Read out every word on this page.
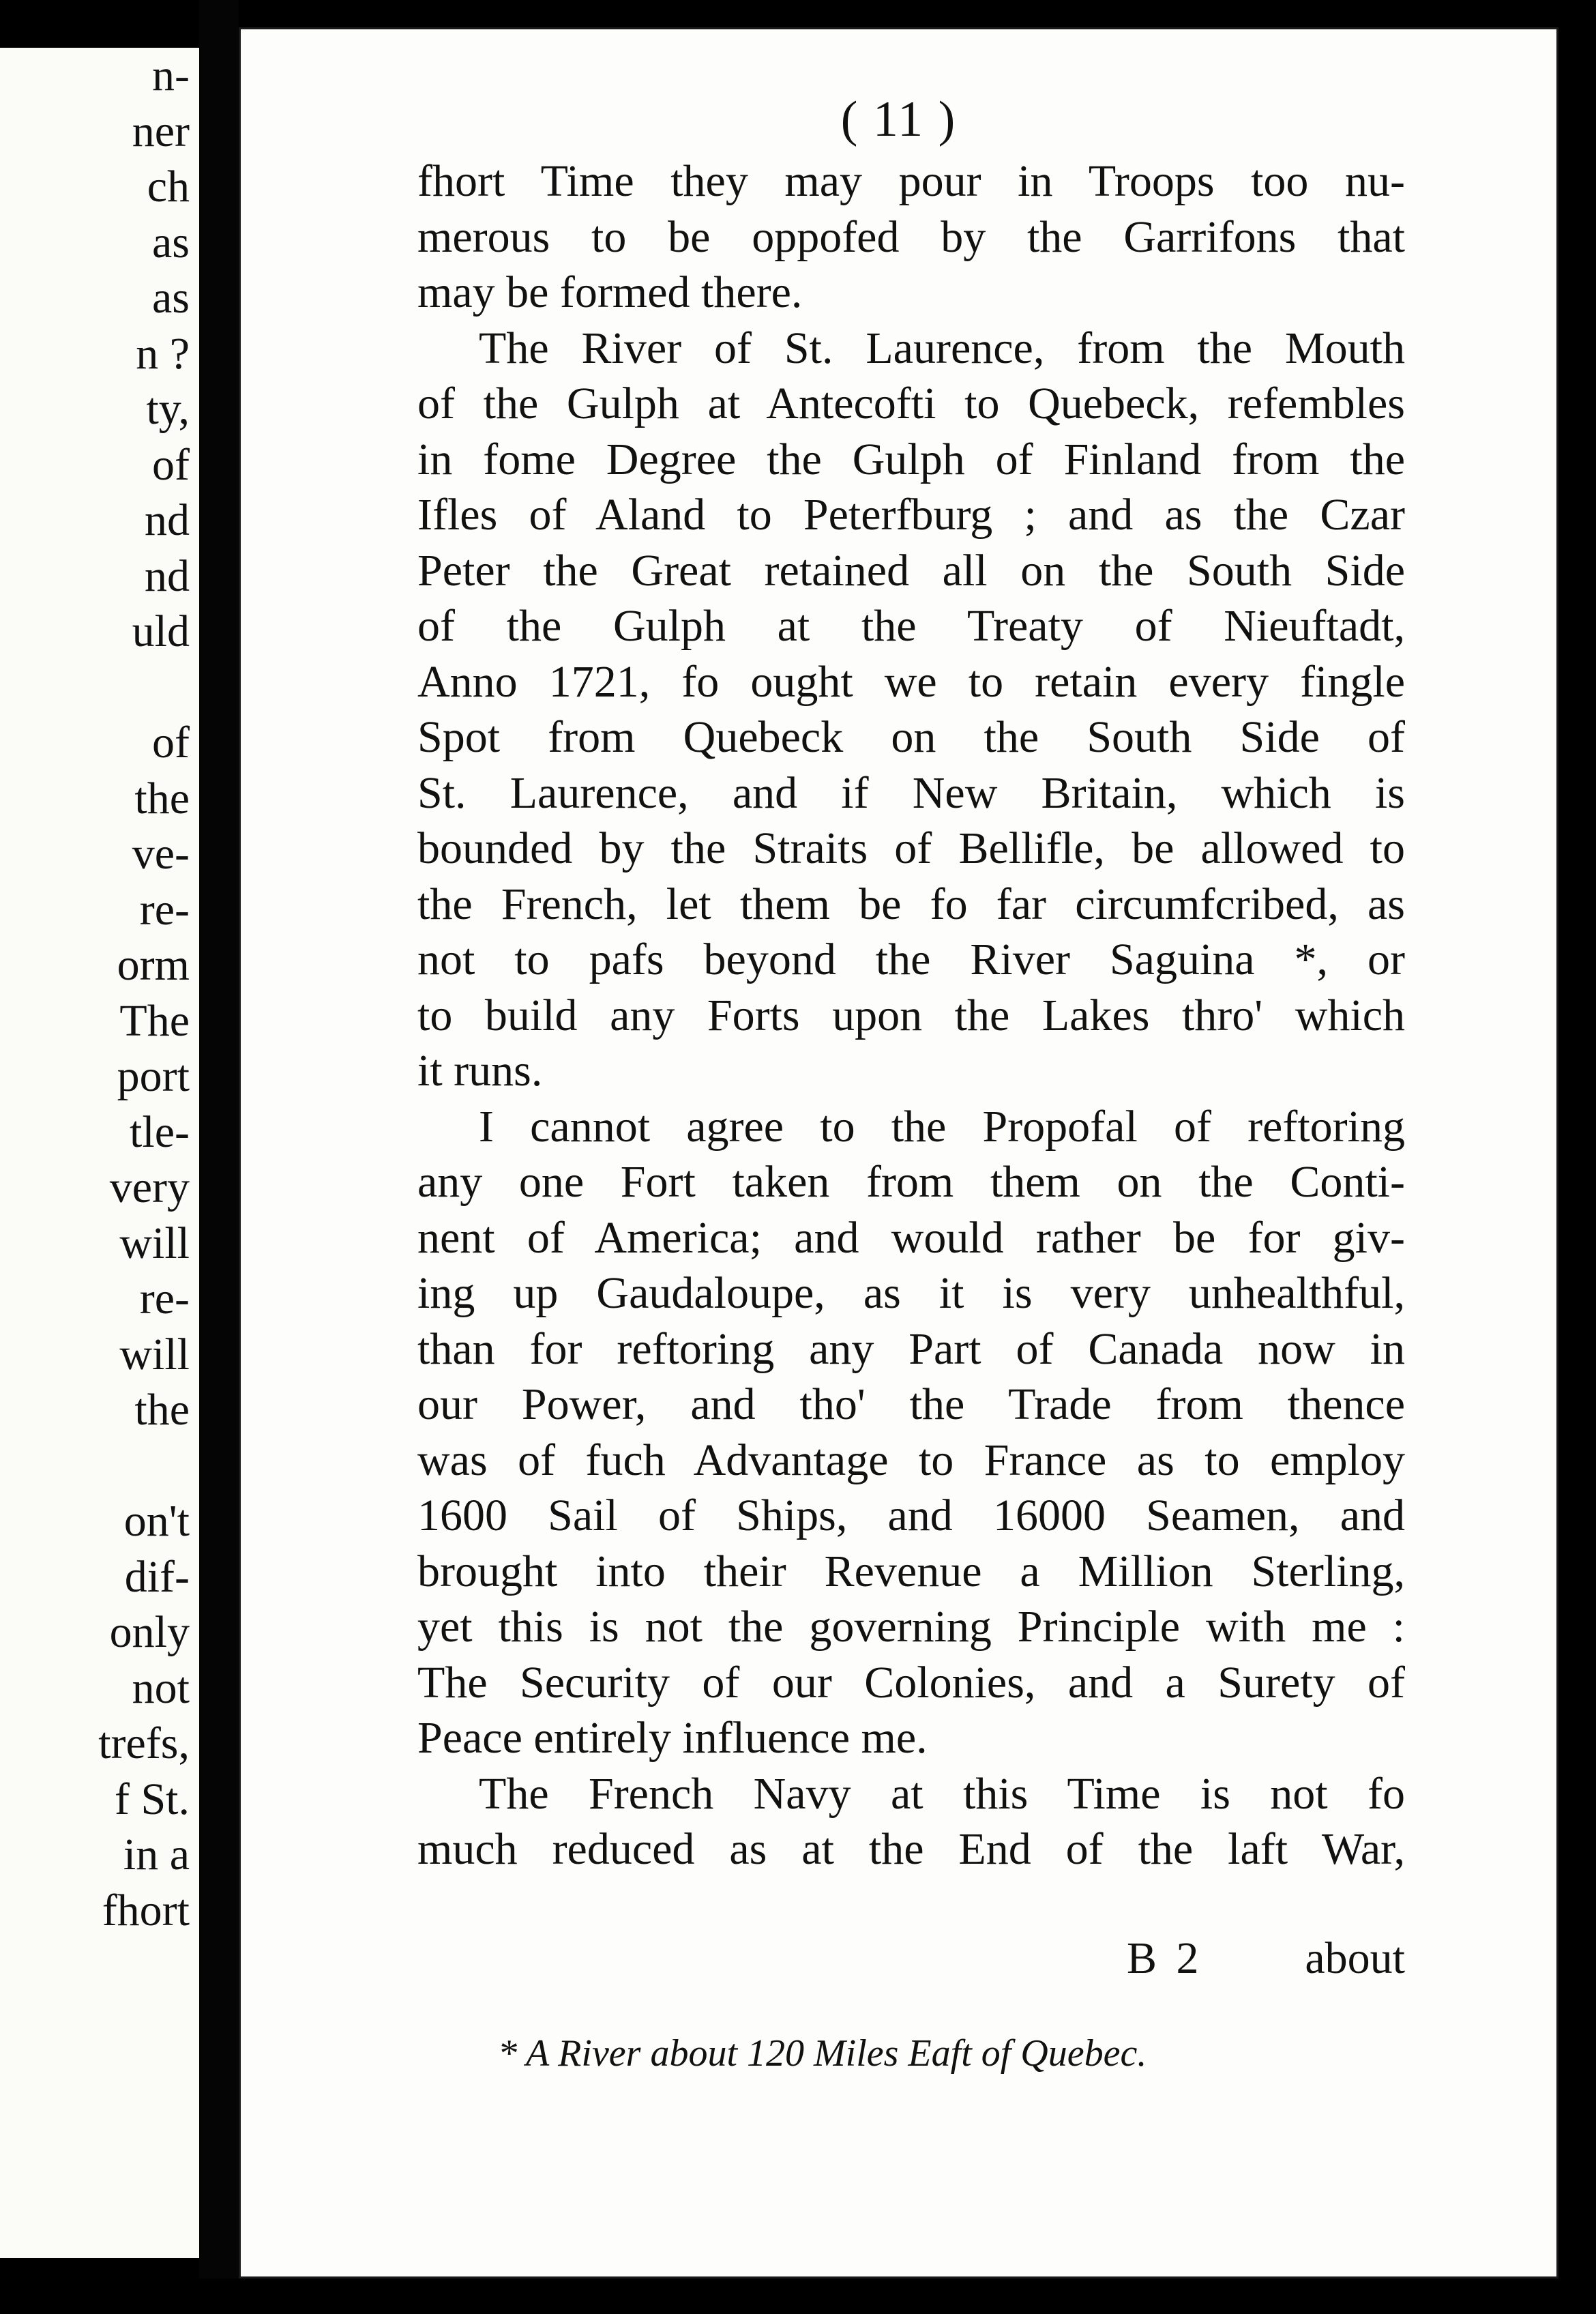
n-
ner
ch
as
as
n ?
ty,
of
nd
nd
uld
of
the
ve-
re-
orm
The
port
tle-
very
will
re-
will
the
on't
dif-
only
not
trefs,
f St.
in a
fhort
( 11 )
fhort Time they may pour in Troops too nu-
merous to be oppofed by the Garrifons that
may be formed there.
The River of St. Laurence, from the Mouth
of the Gulph at Antecofti to Quebeck, refembles
in fome Degree the Gulph of Finland from the
Ifles of Aland to Peterfburg ; and as the Czar
Peter the Great retained all on the South Side
of the Gulph at the Treaty of Nieuftadt,
Anno 1721, fo ought we to retain every fingle
Spot from Quebeck on the South Side of
St. Laurence, and if New Britain, which is
bounded by the Straits of Bellifle, be allowed to
the French, let them be fo far circumfcribed, as
not to pafs beyond the River Saguina *, or
to build any Forts upon the Lakes thro' which
it runs.
I cannot agree to the Propofal of reftoring
any one Fort taken from them on the Conti-
nent of America; and would rather be for giv-
ing up Gaudaloupe, as it is very unhealthful,
than for reftoring any Part of Canada now in
our Power, and tho' the Trade from thence
was of fuch Advantage to France as to employ
1600 Sail of Ships, and 16000 Seamen, and
brought into their Revenue a Million Sterling,
yet this is not the governing Principle with me :
The Security of our Colonies, and a Surety of
Peace entirely influence me.
The French Navy at this Time is not fo
much reduced as at the End of the laft War,
B 2 about
* A River about 120 Miles Eaft of Quebec.
